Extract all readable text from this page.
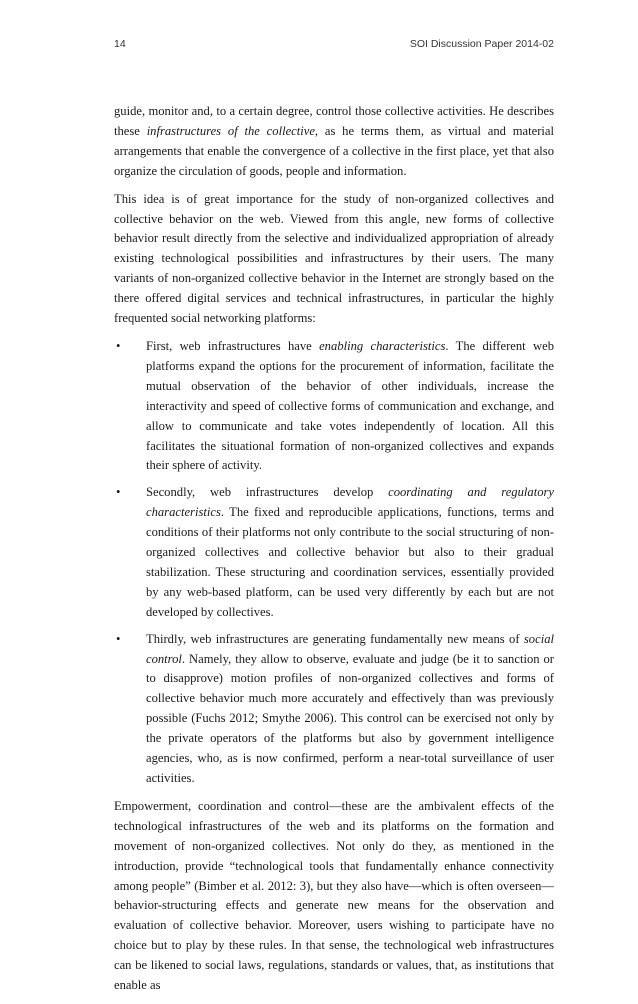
14	SOI Discussion Paper 2014-02

guide, monitor and, to a certain degree, control those collective activities. He describes these infrastructures of the collective, as he terms them, as virtual and material arrangements that enable the convergence of a collective in the first place, yet that also organize the circulation of goods, people and information.

This idea is of great importance for the study of non-organized collectives and collective behavior on the web. Viewed from this angle, new forms of collective behavior result directly from the selective and individualized appropriation of already existing technological possibilities and infrastructures by their users. The many variants of non-organized collective behavior in the Internet are strongly based on the there offered digital services and technical infrastructures, in particular the highly frequented social networking platforms:

• First, web infrastructures have enabling characteristics. The different web platforms expand the options for the procurement of information, facilitate the mutual observation of the behavior of other individuals, increase the interactivity and speed of collective forms of communication and exchange, and allow to communicate and take votes independently of location. All this facilitates the situational formation of non-organized collectives and expands their sphere of activity.
• Secondly, web infrastructures develop coordinating and regulatory characteristics. The fixed and reproducible applications, functions, terms and conditions of their platforms not only contribute to the social structuring of non-organized collectives and collective behavior but also to their gradual stabilization. These structuring and coordination services, essentially provided by any web-based platform, can be used very differently by each but are not developed by collectives.
• Thirdly, web infrastructures are generating fundamentally new means of social control. Namely, they allow to observe, evaluate and judge (be it to sanction or to disapprove) motion profiles of non-organized collectives and forms of collective behavior much more accurately and effectively than was previously possible (Fuchs 2012; Smythe 2006). This control can be exercised not only by the private operators of the platforms but also by government intelligence agencies, who, as is now confirmed, perform a near-total surveillance of user activities.

Empowerment, coordination and control—these are the ambivalent effects of the technological infrastructures of the web and its platforms on the formation and movement of non-organized collectives. Not only do they, as mentioned in the introduction, provide “technological tools that fundamentally enhance connectivity among people” (Bimber et al. 2012: 3), but they also have—which is often overseen—behavior-structuring effects and generate new means for the observation and evaluation of collective behavior. Moreover, users wishing to participate have no choice but to play by these rules. In that sense, the technological web infrastructures can be likened to social laws, regulations, standards or values, that, as institutions that enable as
